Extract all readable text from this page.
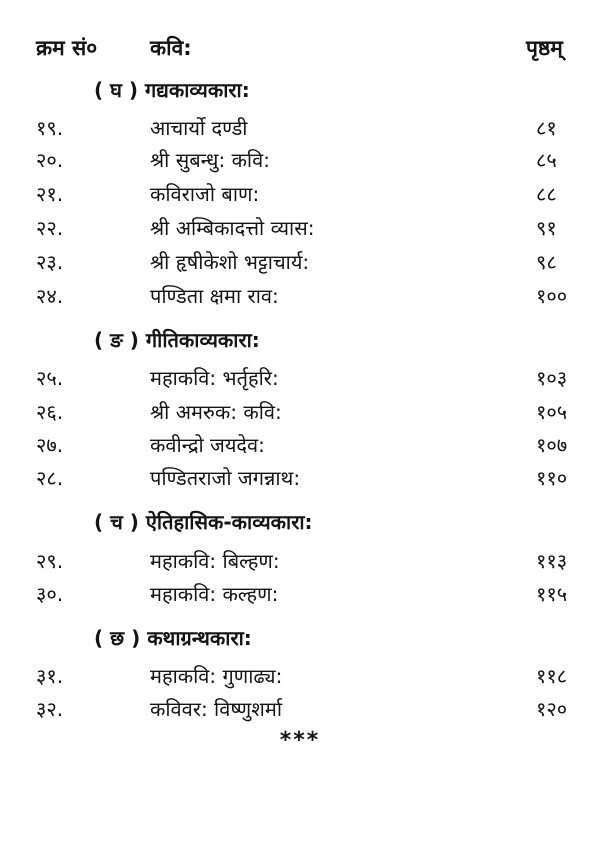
क्रम सं०	कवि:	पृष्ठम्
( घ ) गद्यकाव्यकारा:
१९.	आचार्यो दण्डी	८१
२०.	श्री सुबन्धु: कवि:	८५
२१.	कविराजो बाण:	८८
२२.	श्री अम्बिकादत्तो व्यास:	९१
२३.	श्री हृषीकेशो भट्टाचार्य:	९८
२४.	पण्डिता क्षमा राव:	१००
( ङ ) गीतिकाव्यकारा:
२५.	महाकवि: भर्तृहरि:	१०३
२६.	श्री अमरुक: कवि:	१०५
२७.	कवीन्द्रो जयदेव:	१०७
२८.	पण्डितराजो जगन्नाथ:	११०
( च ) ऐतिहासिक-काव्यकारा:
२९.	महाकवि: बिल्हण:	११३
३०.	महाकवि: कल्हण:	११५
( छ ) कथाग्रन्थकारा:
३१.	महाकवि: गुणाढ्य:	११८
३२.	कविवर: विष्णुशर्मा	१२०
***
